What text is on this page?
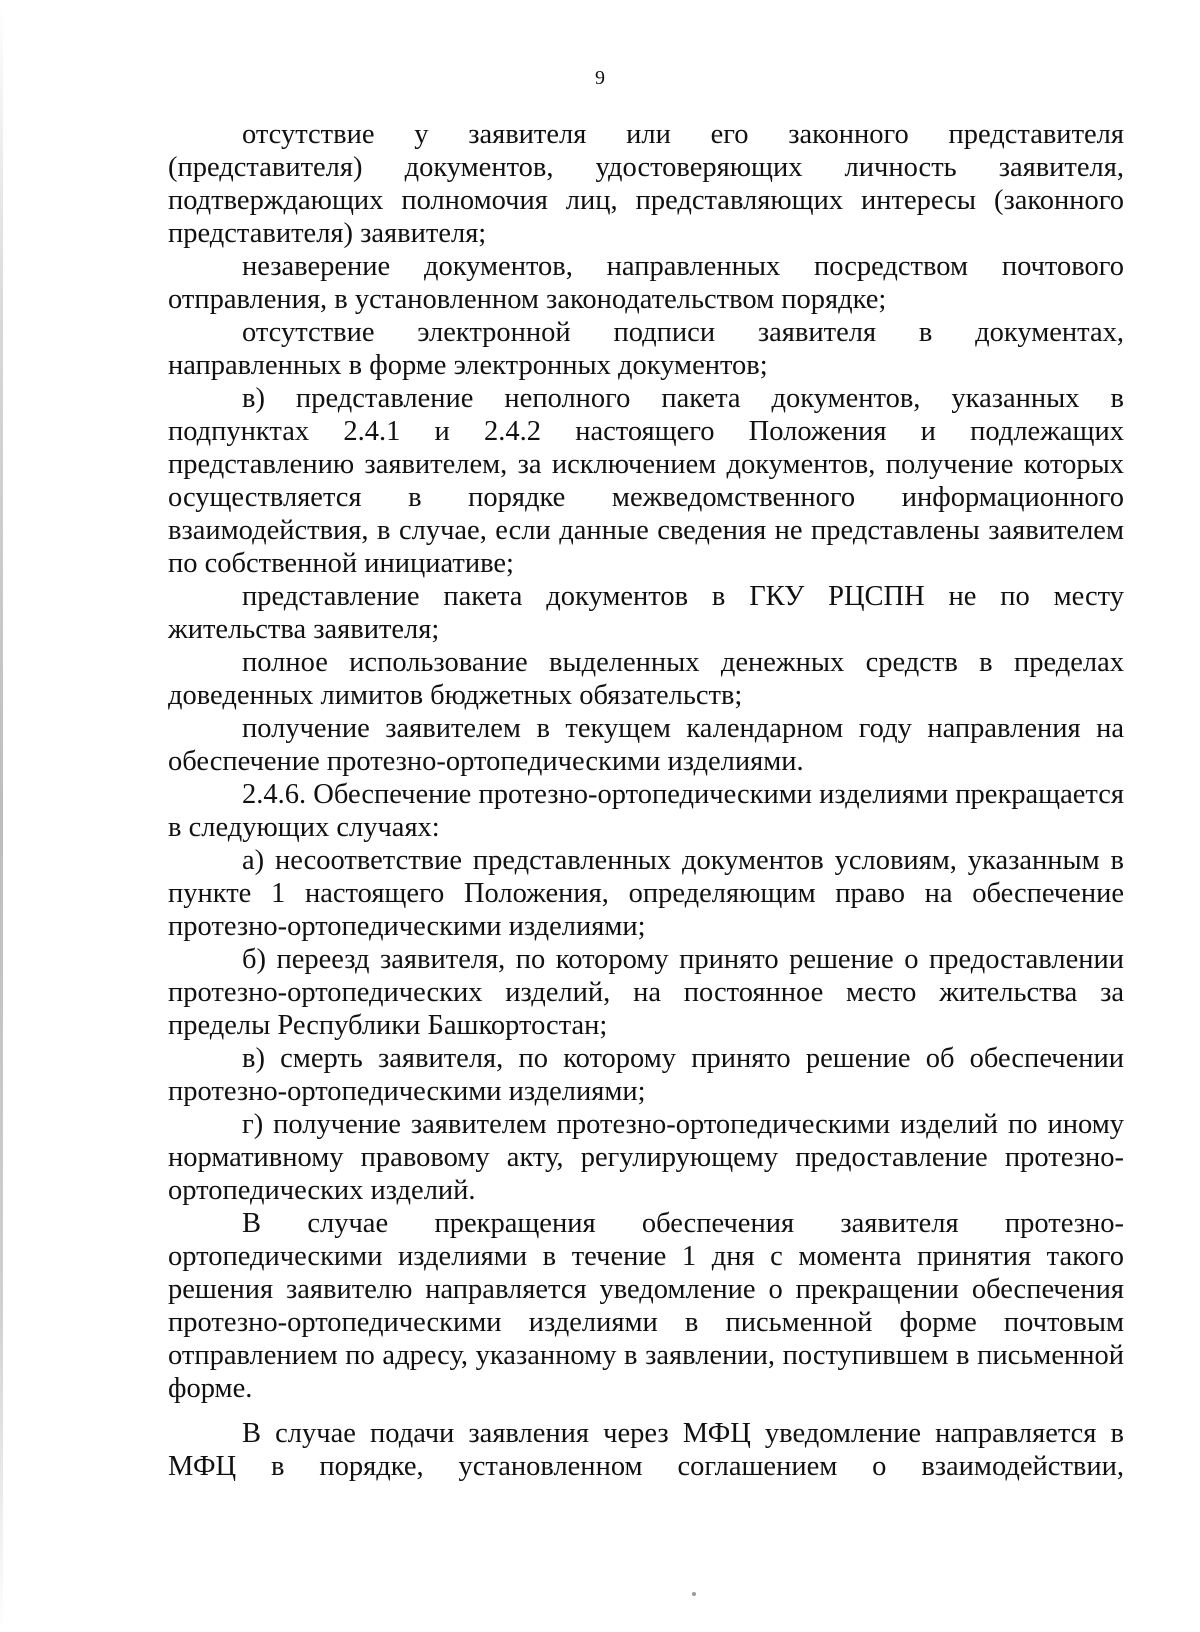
9

отсутствие у заявителя или его законного представителя (представителя) документов, удостоверяющих личность заявителя, подтверждающих полномочия лиц, представляющих интересы (законного представителя) заявителя;

незаверение документов, направленных посредством почтового отправления, в установленном законодательством порядке;

отсутствие электронной подписи заявителя в документах, направленных в форме электронных документов;

в) представление неполного пакета документов, указанных в подпунктах 2.4.1 и 2.4.2 настоящего Положения и подлежащих представлению заявителем, за исключением документов, получение которых осуществляется в порядке межведомственного информационного взаимодействия, в случае, если данные сведения не представлены заявителем по собственной инициативе;

представление пакета документов в ГКУ РЦСПН не по месту жительства заявителя;

полное использование выделенных денежных средств в пределах доведенных лимитов бюджетных обязательств;

получение заявителем в текущем календарном году направления на обеспечение протезно-ортопедическими изделиями.

2.4.6. Обеспечение протезно-ортопедическими изделиями прекращается в следующих случаях:

а) несоответствие представленных документов условиям, указанным в пункте 1 настоящего Положения, определяющим право на обеспечение протезно-ортопедическими изделиями;

б) переезд заявителя, по которому принято решение о предоставлении протезно-ортопедических изделий, на постоянное место жительства за пределы Республики Башкортостан;

в) смерть заявителя, по которому принято решение об обеспечении протезно-ортопедическими изделиями;

г) получение заявителем протезно-ортопедическими изделий по иному нормативному правовому акту, регулирующему предоставление протезно-ортопедических изделий.

В случае прекращения обеспечения заявителя протезно-ортопедическими изделиями в течение 1 дня с момента принятия такого решения заявителю направляется уведомление о прекращении обеспечения протезно-ортопедическими изделиями в письменной форме почтовым отправлением по адресу, указанному в заявлении, поступившем в письменной форме.

В случае подачи заявления через МФЦ уведомление направляется в МФЦ в порядке, установленном соглашением о взаимодействии,
